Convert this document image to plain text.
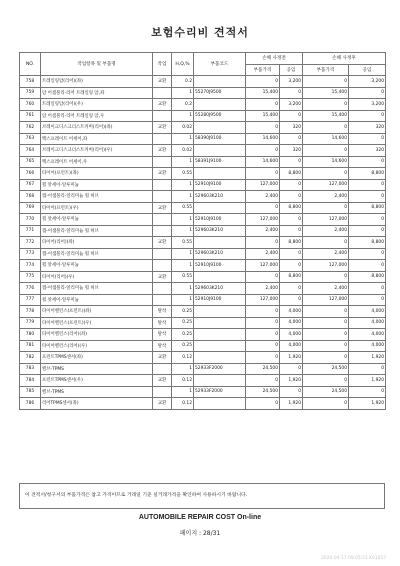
보험수리비 견적서
NO.	작업항목 및 부품명	작업	H,Q,%	부품코드	손해 사정전		손해 사정후	
					부품가격	공임	부품가격	공임
758	트레일링암(리어)(좌)	교환	0.2		0	3,200	0	3,200
759	암 어셈블리-리어 트레일링 암,좌		1	55270J9500	15,400	0	15,400	0
760	트레일링암(리어)(우)	교환	0.2		0	3,200	0	3,200
761	암 어셈블리-리어 트레일링 암,우		1	55280J9500	15,400	0	15,400	0
762	브레이크디스크더스트커버(리어)(좌)	교환	0.02		0	320	0	320
763	백스프레이트 어세이,좌		1	58390J9100	14,600	0	14,600	0
764	브레이크디스크더스트커버(리어)(우)	교환	0.02		0	320	0	320
765	백스프레이트 어세이,우		1	58391J9100	14,600	0	14,600	0
766	타이어(프런트)(좌)	교환	0.55		0	8,800	0	8,800
767	휠 앗세이-알루미늄		1	52910J9100	127,000	0	127,000	0
768	캡-어셈블리-알리미늄 휠 허브		1	529603K210	2,400	0	2,400	0
769	타이어(프런트)(우)	교환	0.55		0	8,800	0	8,800
770	휠 앗세이-알루미늄		1	52910J9100	127,000	0	127,000	0
771	캡-어셈블리-알리미늄 휠 허브		1	529603K210	2,400	0	2,400	0
772	타이어(리어)(좌)	교환	0.55		0	8,800	0	8,800
773	캡-어셈블리-알리미늄 휠 허브		1	529603K210	2,400	0	2,400	0
774	휠 앗세이-알루미늄		1	52910J9100	127,000	0	127,000	0
775	타이어(리어)(우)	교환	0.55		0	8,800	0	8,800
776	캡-어셈블리-알리미늄 휠 허브		1	529603K210	2,400	0	2,400	0
777	휠 앗세이-알루미늄		1	52910J9100	127,000	0	127,000	0
778	타이어밸런스(프런트)(좌)	탈착	0.25		0	4,000	0	4,000
779	타이어밸런스(프런트)(우)	탈착	0.25		0	4,000	0	4,000
780	타이어밸런스(리어)(좌)	탈착	0.25		0	4,000	0	4,000
781	타이어밸런스(리어)(우)	탈착	0.25		0	4,000	0	4,000
782	프런트TPMS센서(좌)	교환	0.12		0	1,920	0	1,920
783	밸브-TPMS		1	52933F2000	24,500	0	24,500	0
784	프런트TPMS센서(우)	교환	0.12		0	1,920	0	1,920
785	밸브-TPMS		1	52933F2000	24,500	0	24,500	0
786	리어TPMS센서(좌)	교환	0.12		0	1,920	0	1,920
이 견적서/청구서의 부품가격은 참고 가격이므로 거래일 기준 실거래가격을 확인하여 사용하시기 바랍니다.
AUTOMOBILE REPAIR COST On-line
페이지 : 28/31
2020-04-17 09:05:51 K01057
